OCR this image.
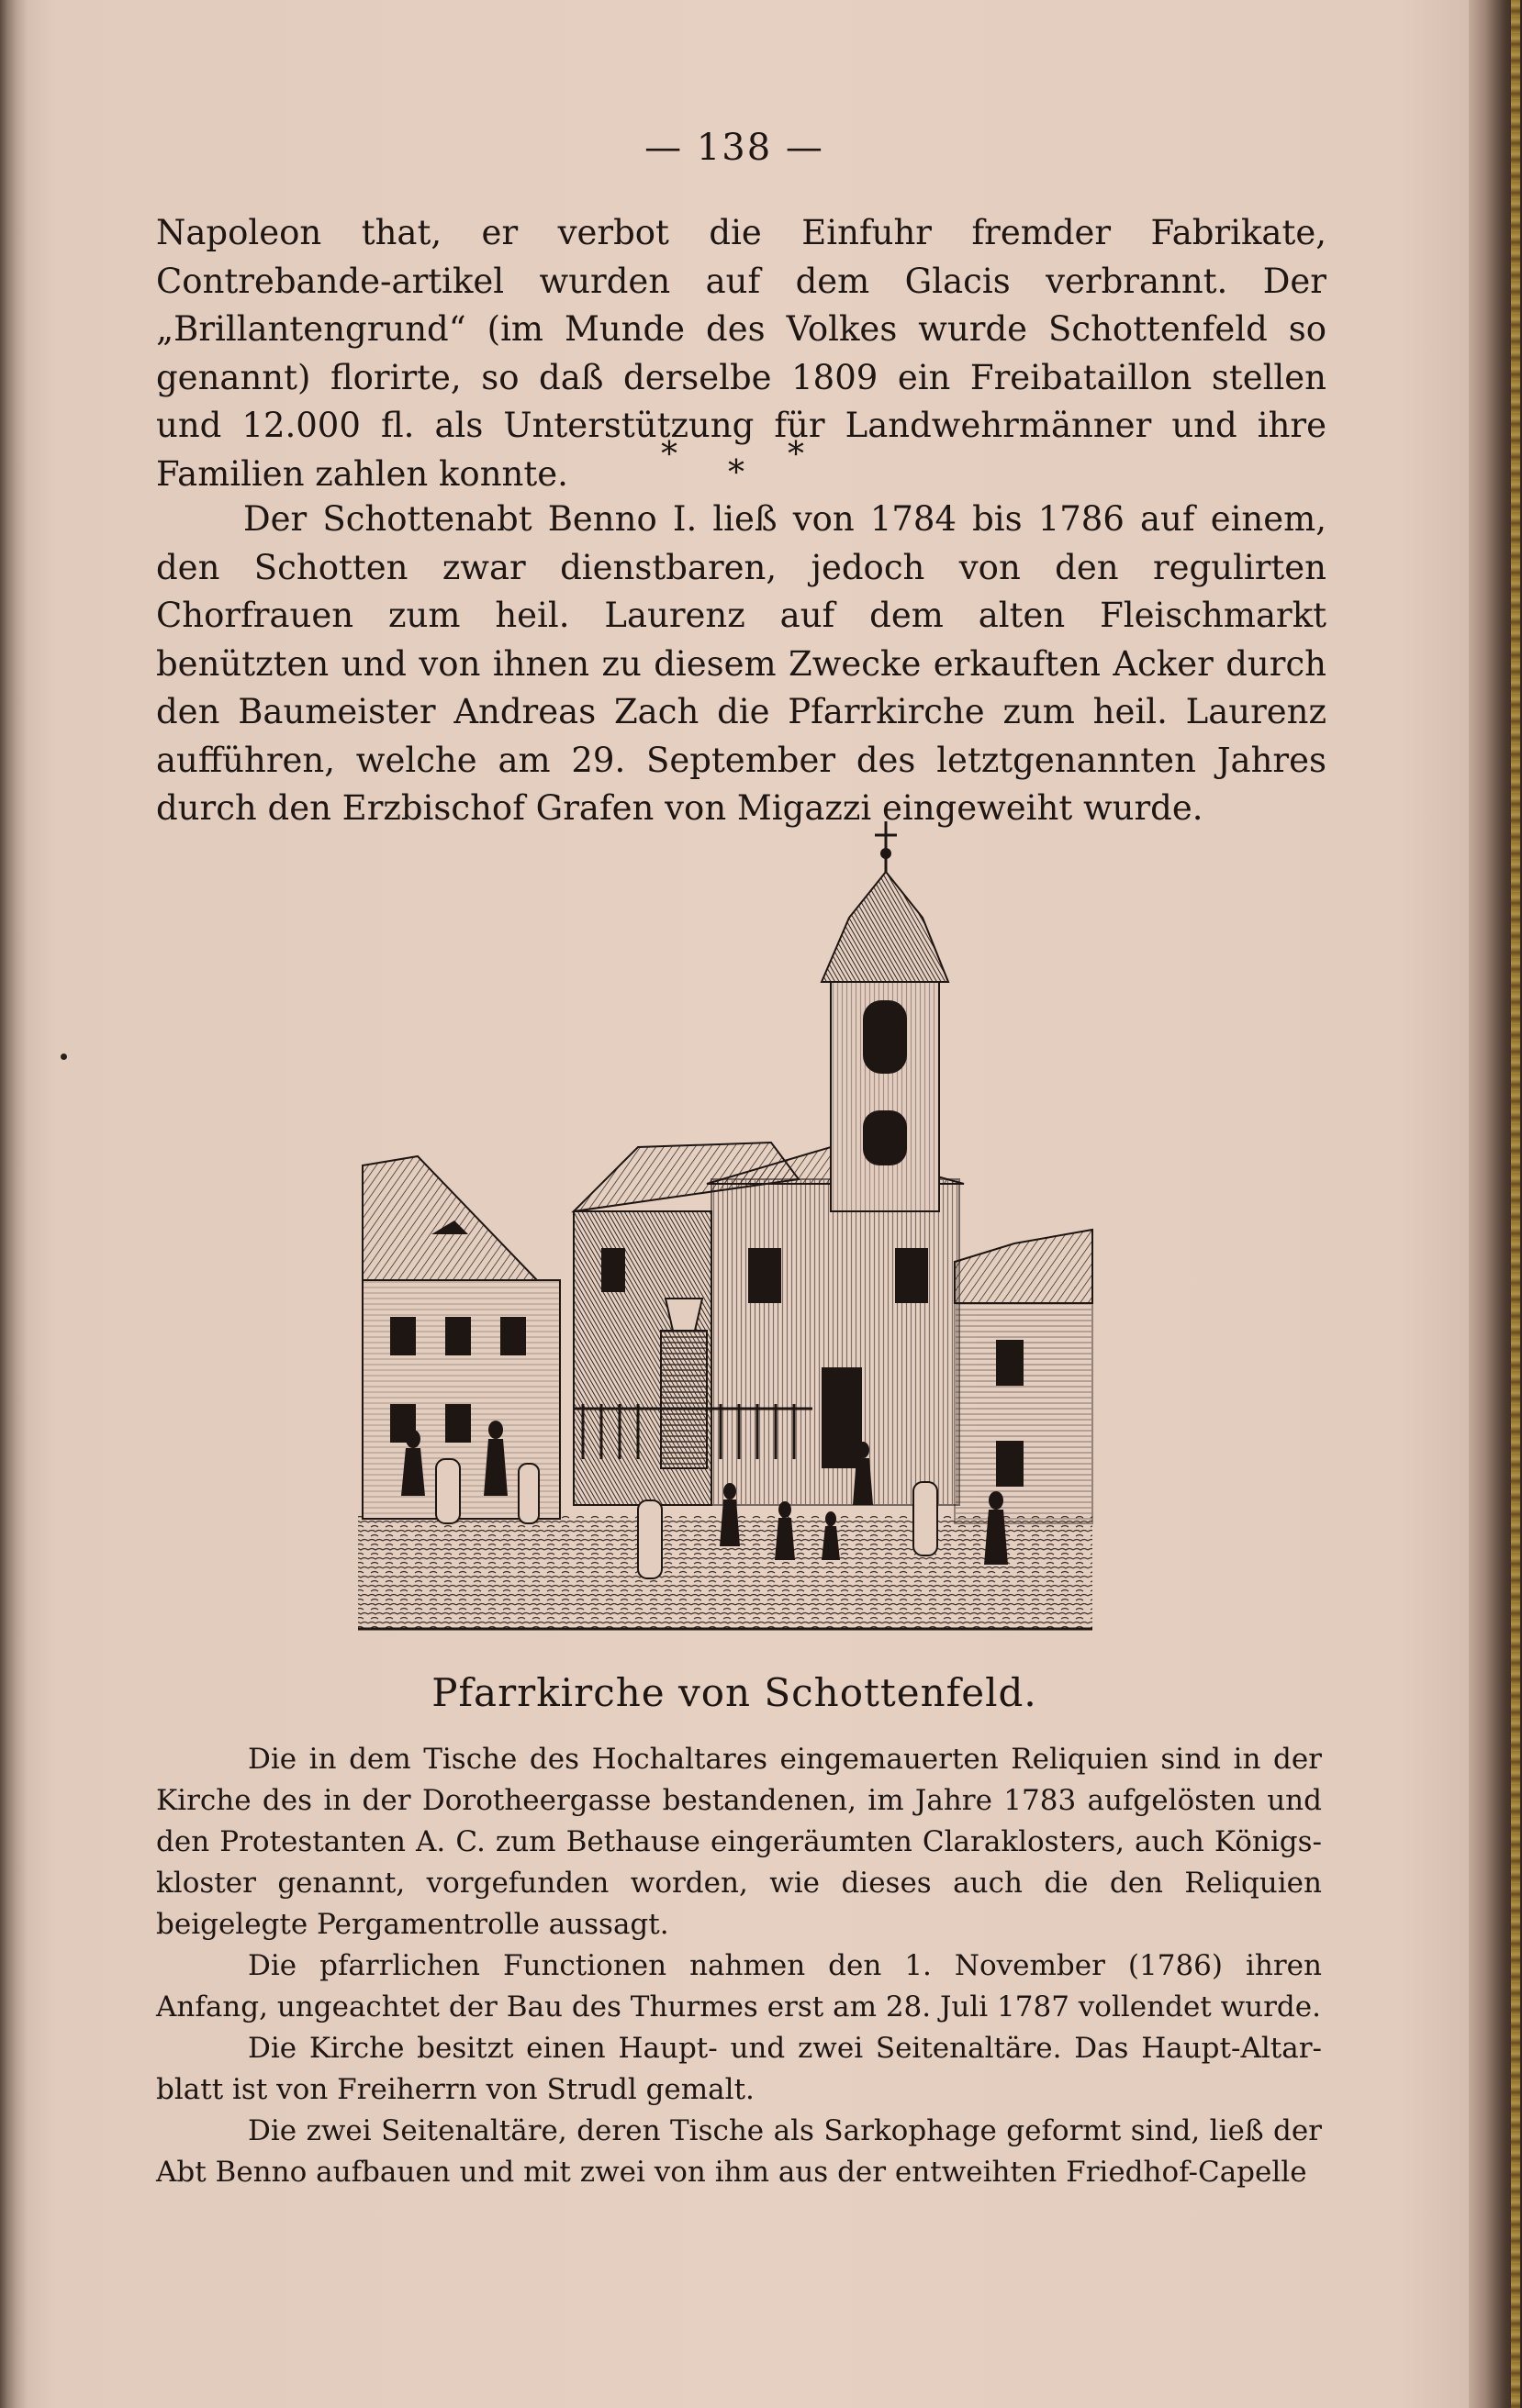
— 138 —

Napoleon that, er verbot die Einfuhr fremder Fabrikate, Contrebande-artikel wurden auf dem Glacis verbrannt. Der „Brillantengrund“ (im Munde des Volkes wurde Schottenfeld so genannt) florirte, so daß derselbe 1809 ein Freibataillon stellen und 12.000 fl. als Unterstützung für Landwehrmänner und ihre Familien zahlen konnte.	* * *

Der Schottenabt Benno I. ließ von 1784 bis 1786 auf einem, den Schotten zwar dienstbaren, jedoch von den regulirten Chorfrauen zum heil. Laurenz auf dem alten Fleischmarkt benützten und von ihnen zu diesem Zwecke erkauften Acker durch den Baumeister Andreas Zach die Pfarrkirche zum heil. Laurenz aufführen, welche am 29. September des letztgenannten Jahres durch den Erzbischof Grafen von Migazzi eingeweiht wurde.

Pfarrkirche von Schottenfeld.

Die in dem Tische des Hochaltares eingemauerten Reliquien sind in der Kirche des in der Dorotheergasse bestandenen, im Jahre 1783 aufgelösten und den Protestanten A. C. zum Bethause eingeräumten Claraklosters, auch Königs-kloster genannt, vorgefunden worden, wie dieses auch die den Reliquien beigelegte Pergamentrolle aussagt.

Die pfarrlichen Functionen nahmen den 1. November (1786) ihren Anfang, ungeachtet der Bau des Thurmes erst am 28. Juli 1787 vollendet wurde.

Die Kirche besitzt einen Haupt- und zwei Seitenaltäre. Das Haupt-Altar-blatt ist von Freiherrn von Strudl gemalt.

Die zwei Seitenaltäre, deren Tische als Sarkophage geformt sind, ließ der Abt Benno aufbauen und mit zwei von ihm aus der entweihten Friedhof-Capelle
